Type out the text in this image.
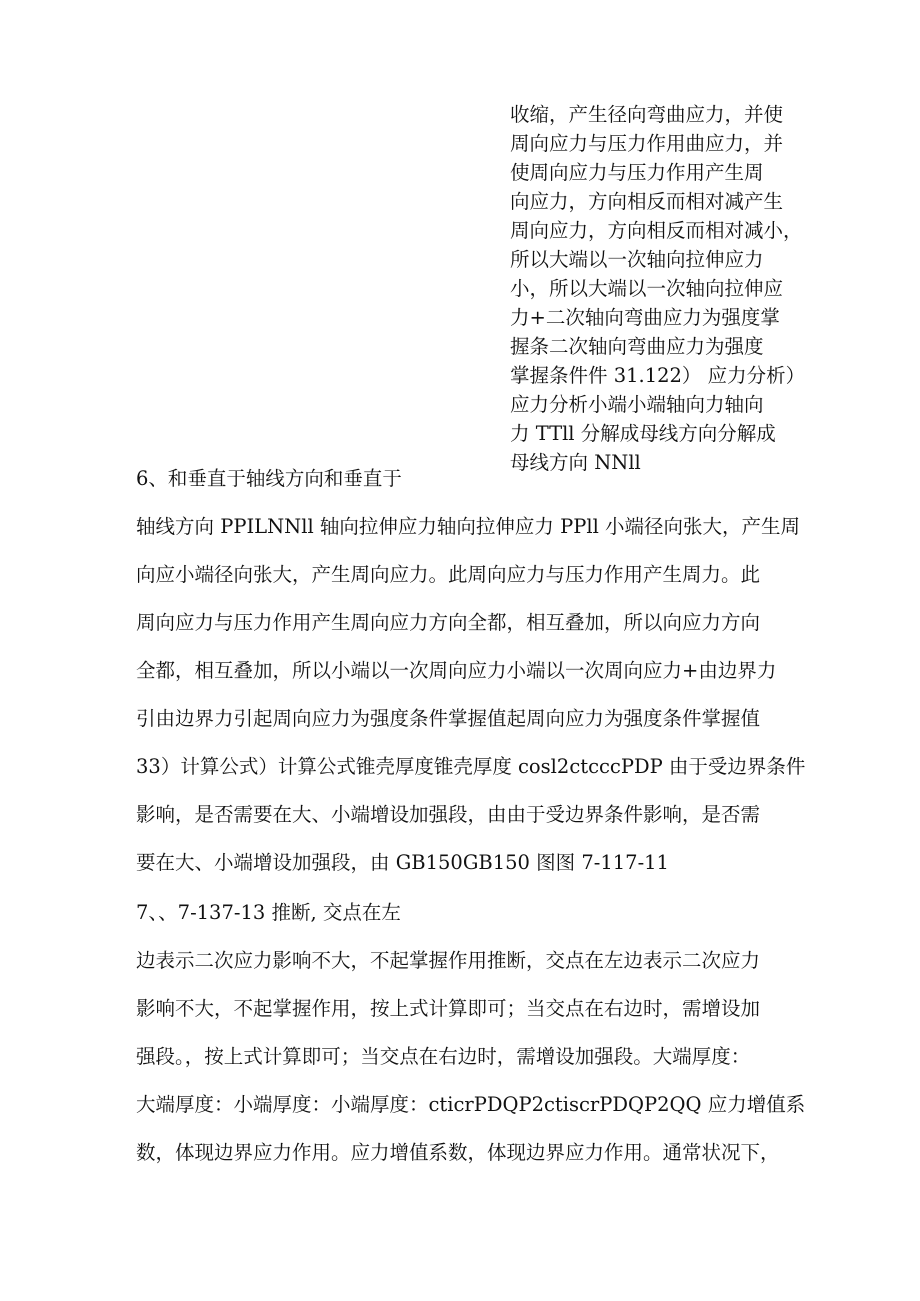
收缩，产生径向弯曲应力，并使
周向应力与压力作用曲应力，并
使周向应力与压力作用产生周
向应力，方向相反而相对减产生
周向应力，方向相反而相对减小，
所以大端以一次轴向拉伸应力
小，所以大端以一次轴向拉伸应
力+二次轴向弯曲应力为强度掌
握条二次轴向弯曲应力为强度
掌握条件件 31.122） 应力分析）
应力分析小端小端轴向力轴向
力 TTll 分解成母线方向分解成
母线方向 NNll
6、和垂直于轴线方向和垂直于
轴线方向 PPILNNll 轴向拉伸应力轴向拉伸应力 PPll 小端径向张大，产生周
向应小端径向张大，产生周向应力。此周向应力与压力作用产生周力。此
周向应力与压力作用产生周向应力方向全都，相互叠加，所以向应力方向
全都，相互叠加，所以小端以一次周向应力小端以一次周向应力+由边界力
引由边界力引起周向应力为强度条件掌握值起周向应力为强度条件掌握值
33）计算公式）计算公式锥壳厚度锥壳厚度 cosl2ctcccPDP 由于受边界条件
影响，是否需要在大、小端增设加强段，由由于受边界条件影响，是否需
要在大、小端增设加强段，由 GB150GB150 图图 7-117-11
7、、7-137-13 推断, 交点在左
边表示二次应力影响不大，不起掌握作用推断，交点在左边表示二次应力
影响不大，不起掌握作用，按上式计算即可；当交点在右边时，需增设加
强段。，按上式计算即可；当交点在右边时，需增设加强段。大端厚度：
大端厚度：小端厚度：小端厚度：cticrPDQP2ctiscrPDQP2QQ 应力增值系
数，体现边界应力作用。应力增值系数，体现边界应力作用。通常状况下，
